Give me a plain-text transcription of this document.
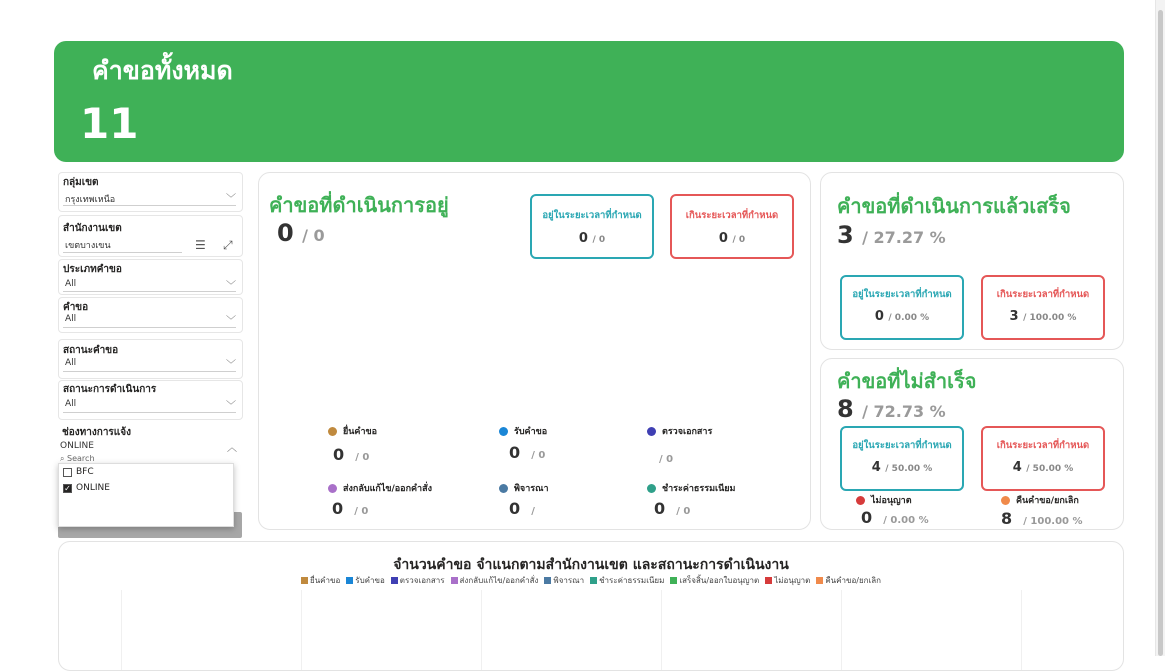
คำขอทั้งหมด
11
กลุ่มเขต
กรุงเทพเหนือ	﹀
สำนักงานเขต
เขตบางเขน	☰ ⤢
ประเภทคำขอ
All	﹀
คำขอ
All	﹀
สถานะคำขอ
All	﹀
สถานะการดำเนินการ
All	﹀
ช่องทางการแจ้ง
ONLINE	︿
⌕ Search
BFC
✓ ONLINE
คำขอที่ดำเนินการอยู่
0 / 0
อยู่ในระยะเวลาที่กำหนด
0 / 0
เกินระยะเวลาที่กำหนด
0 / 0
ยื่นคำขอ
0 / 0
รับคำขอ
0 / 0
ตรวจเอกสาร
/ 0
ส่งกลับแก้ไข/ออกคำสั่ง
0 / 0
พิจารณา
0 /
ชำระค่าธรรมเนียม
0 / 0
คำขอที่ดำเนินการแล้วเสร็จ
3 / 27.27 %
อยู่ในระยะเวลาที่กำหนด
0 / 0.00 %
เกินระยะเวลาที่กำหนด
3 / 100.00 %
คำขอที่ไม่สำเร็จ
8 / 72.73 %
อยู่ในระยะเวลาที่กำหนด
4 / 50.00 %
เกินระยะเวลาที่กำหนด
4 / 50.00 %
ไม่อนุญาต
0 / 0.00 %
คืนคำขอ/ยกเลิก
8 / 100.00 %
จำนวนคำขอ จำแนกตามสำนักงานเขต และสถานะการดำเนินงาน
ยื่นคำขอ รับคำขอ ตรวจเอกสาร ส่งกลับแก้ไข/ออกคำสั่ง พิจารณา ชำระค่าธรรมเนียม เสร็จสิ้น/ออกใบอนุญาต ไม่อนุญาต คืนคำขอ/ยกเลิก
